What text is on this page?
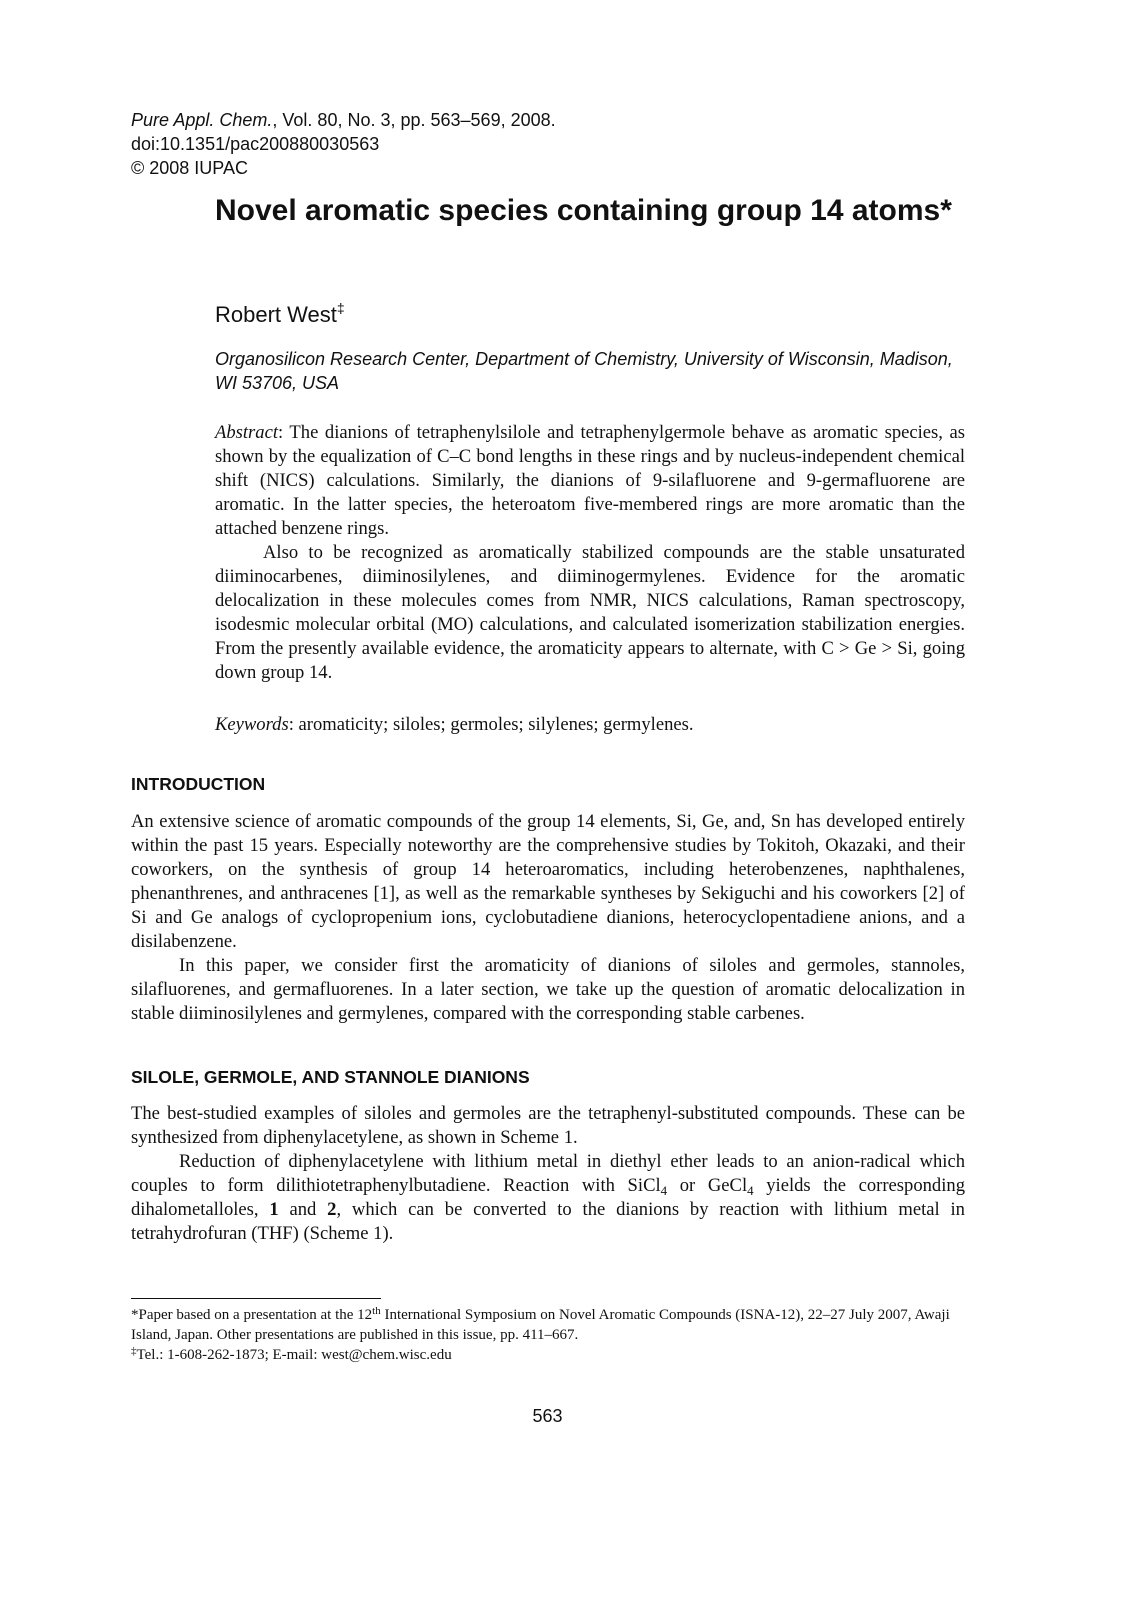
Pure Appl. Chem., Vol. 80, No. 3, pp. 563–569, 2008.
doi:10.1351/pac200880030563
© 2008 IUPAC
Novel aromatic species containing group 14 atoms*
Robert West‡
Organosilicon Research Center, Department of Chemistry, University of Wisconsin, Madison, WI 53706, USA

Abstract: The dianions of tetraphenylsilole and tetraphenylgermole behave as aromatic species, as shown by the equalization of C–C bond lengths in these rings and by nucleus-independent chemical shift (NICS) calculations. Similarly, the dianions of 9-silafluorene and 9-germafluorene are aromatic. In the latter species, the heteroatom five-membered rings are more aromatic than the attached benzene rings.

Also to be recognized as aromatically stabilized compounds are the stable unsaturated diiminocarbenes, diiminosilylenes, and diiminogermylenes. Evidence for the aromatic delocalization in these molecules comes from NMR, NICS calculations, Raman spectroscopy, isodesmic molecular orbital (MO) calculations, and calculated isomerization stabilization energies. From the presently available evidence, the aromaticity appears to alternate, with C > Ge > Si, going down group 14.

Keywords: aromaticity; siloles; germoles; silylenes; germylenes.
INTRODUCTION

An extensive science of aromatic compounds of the group 14 elements, Si, Ge, and, Sn has developed entirely within the past 15 years. Especially noteworthy are the comprehensive studies by Tokitoh, Okazaki, and their coworkers, on the synthesis of group 14 heteroaromatics, including heterobenzenes, naphthalenes, phenanthrenes, and anthracenes [1], as well as the remarkable syntheses by Sekiguchi and his coworkers [2] of Si and Ge analogs of cyclopropenium ions, cyclobutadiene dianions, heterocyclopentadiene anions, and a disilabenzene.

In this paper, we consider first the aromaticity of dianions of siloles and germoles, stannoles, silafluorenes, and germafluorenes. In a later section, we take up the question of aromatic delocalization in stable diiminosilylenes and germylenes, compared with the corresponding stable carbenes.

SILOLE, GERMOLE, AND STANNOLE DIANIONS

The best-studied examples of siloles and germoles are the tetraphenyl-substituted compounds. These can be synthesized from diphenylacetylene, as shown in Scheme 1.

Reduction of diphenylacetylene with lithium metal in diethyl ether leads to an anion-radical which couples to form dilithiotetraphenylbutadiene. Reaction with SiCl$_4$ or GeCl$_4$ yields the corresponding dihalometalloles, 1 and 2, which can be converted to the dianions by reaction with lithium metal in tetrahydrofuran (THF) (Scheme 1).

*Paper based on a presentation at the 12th International Symposium on Novel Aromatic Compounds (ISNA-12), 22–27 July 2007, Awaji Island, Japan. Other presentations are published in this issue, pp. 411–667.

‡Tel.: 1-608-262-1873; E-mail: west@chem.wisc.edu

563
